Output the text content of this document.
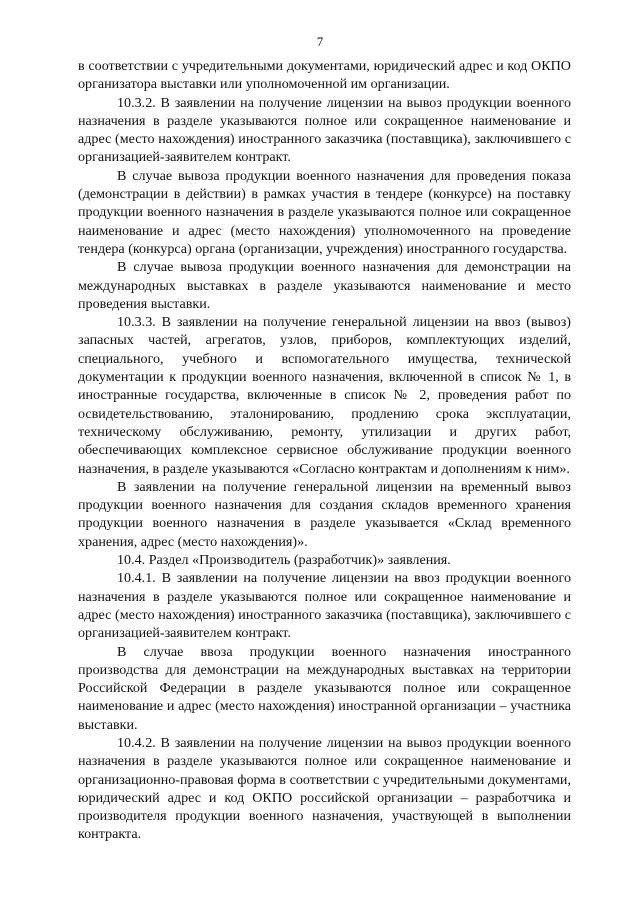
7

в соответствии с учредительными документами, юридический адрес и код ОКПО организатора выставки или уполномоченной им организации.

10.3.2. В заявлении на получение лицензии на вывоз продукции военного назначения в разделе указываются полное или сокращенное наименование и адрес (место нахождения) иностранного заказчика (поставщика), заключившего с организацией-заявителем контракт.

В случае вывоза продукции военного назначения для проведения показа (демонстрации в действии) в рамках участия в тендере (конкурсе) на поставку продукции военного назначения в разделе указываются полное или сокращенное наименование и адрес (место нахождения) уполномоченного на проведение тендера (конкурса) органа (организации, учреждения) иностранного государства.

В случае вывоза продукции военного назначения для демонстрации на международных выставках в разделе указываются наименование и место проведения выставки.

10.3.3. В заявлении на получение генеральной лицензии на ввоз (вывоз) запасных частей, агрегатов, узлов, приборов, комплектующих изделий, специального, учебного и вспомогательного имущества, технической документации к продукции военного назначения, включенной в список № 1, в иностранные государства, включенные в список № 2, проведения работ по освидетельствованию, эталонированию, продлению срока эксплуатации, техническому обслуживанию, ремонту, утилизации и других работ, обеспечивающих комплексное сервисное обслуживание продукции военного назначения, в разделе указываются «Согласно контрактам и дополнениям к ним».

В заявлении на получение генеральной лицензии на временный вывоз продукции военного назначения для создания складов временного хранения продукции военного назначения в разделе указывается «Склад временного хранения, адрес (место нахождения)».

10.4. Раздел «Производитель (разработчик)» заявления.

10.4.1. В заявлении на получение лицензии на ввоз продукции военного назначения в разделе указываются полное или сокращенное наименование и адрес (место нахождения) иностранного заказчика (поставщика), заключившего с организацией-заявителем контракт.

В случае ввоза продукции военного назначения иностранного производства для демонстрации на международных выставках на территории Российской Федерации в разделе указываются полное или сокращенное наименование и адрес (место нахождения) иностранной организации – участника выставки.

10.4.2. В заявлении на получение лицензии на вывоз продукции военного назначения в разделе указываются полное или сокращенное наименование и организационно-правовая форма в соответствии с учредительными документами, юридический адрес и код ОКПО российской организации – разработчика и производителя продукции военного назначения, участвующей в выполнении контракта.
